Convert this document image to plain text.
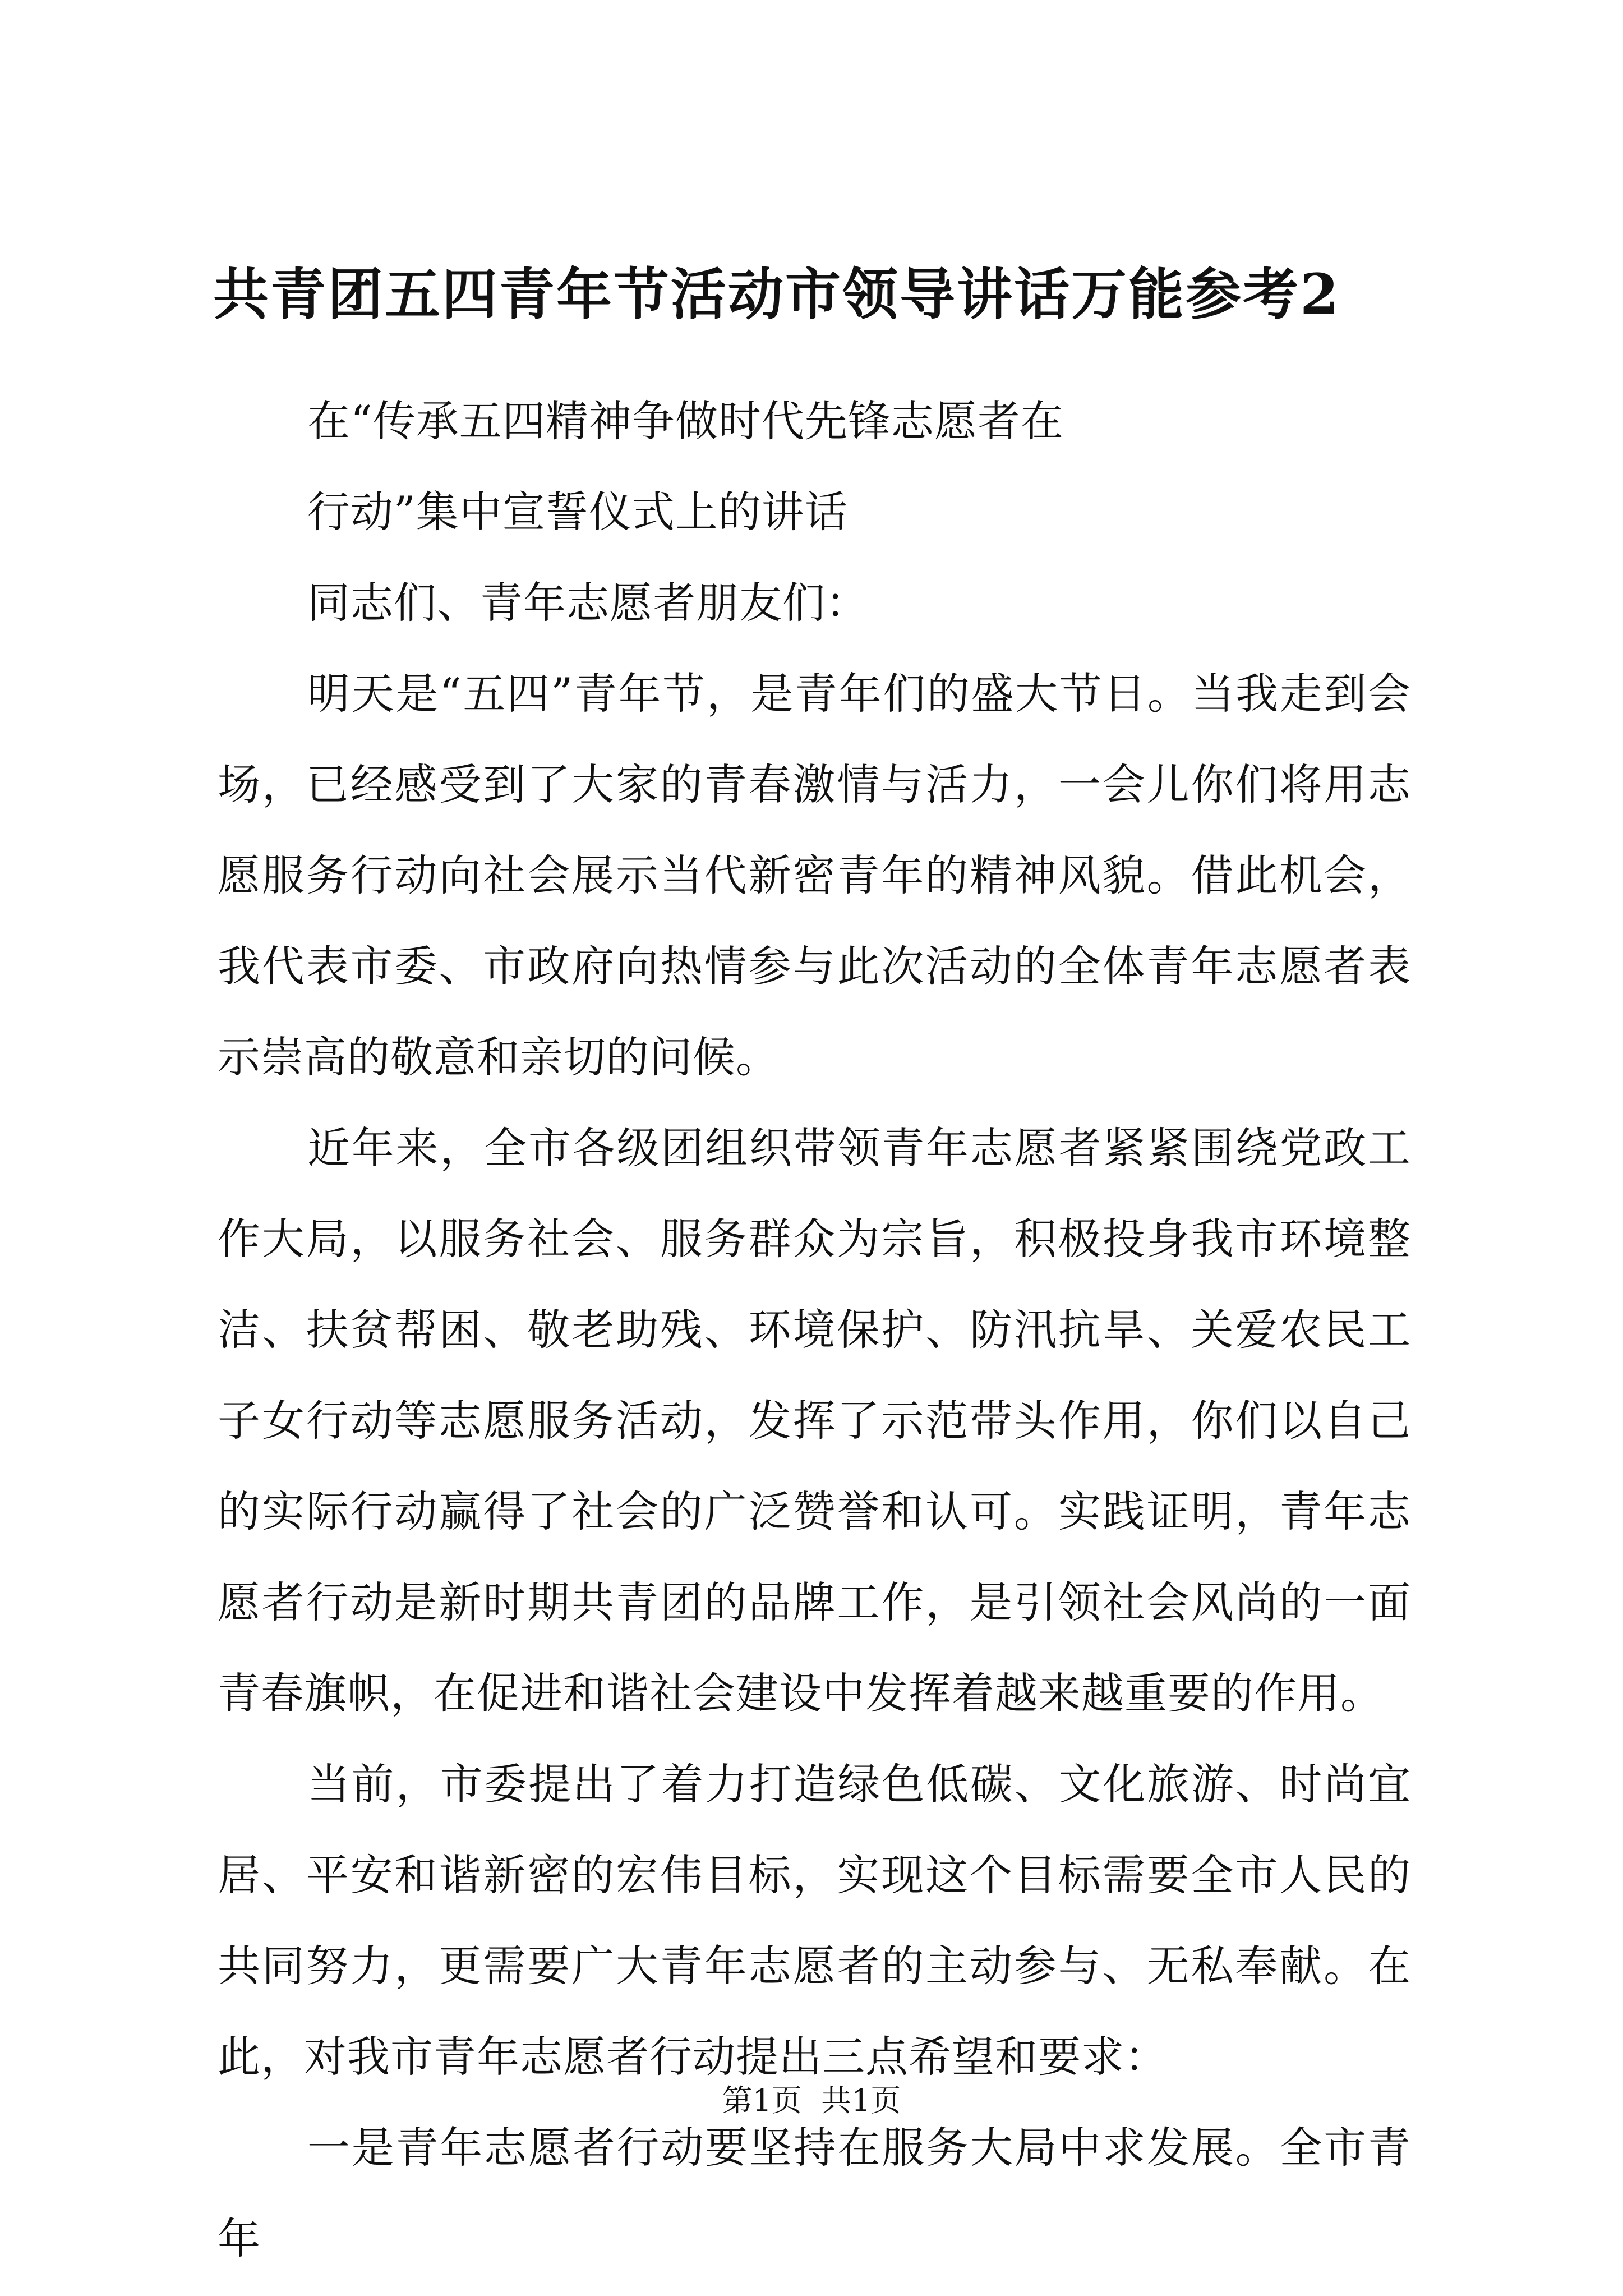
共青团五四青年节活动市领导讲话万能参考2

在“传承五四精神争做时代先锋志愿者在

行动”集中宣誓仪式上的讲话

同志们、青年志愿者朋友们：

明天是“五四”青年节，是青年们的盛大节日。当我走到会场，已经感受到了大家的青春激情与活力，一会儿你们将用志愿服务行动向社会展示当代新密青年的精神风貌。借此机会，我代表市委、市政府向热情参与此次活动的全体青年志愿者表示崇高的敬意和亲切的问候。

近年来，全市各级团组织带领青年志愿者紧紧围绕党政工作大局，以服务社会、服务群众为宗旨，积极投身我市环境整洁、扶贫帮困、敬老助残、环境保护、防汛抗旱、关爱农民工子女行动等志愿服务活动，发挥了示范带头作用，你们以自己的实际行动赢得了社会的广泛赞誉和认可。实践证明，青年志愿者行动是新时期共青团的品牌工作，是引领社会风尚的一面青春旗帜，在促进和谐社会建设中发挥着越来越重要的作用。

当前，市委提出了着力打造绿色低碳、文化旅游、时尚宜居、平安和谐新密的宏伟目标，实现这个目标需要全市人民的共同努力，更需要广大青年志愿者的主动参与、无私奉献。在此，对我市青年志愿者行动提出三点希望和要求：

一是青年志愿者行动要坚持在服务大局中求发展。全市青年

第1页  共1页
